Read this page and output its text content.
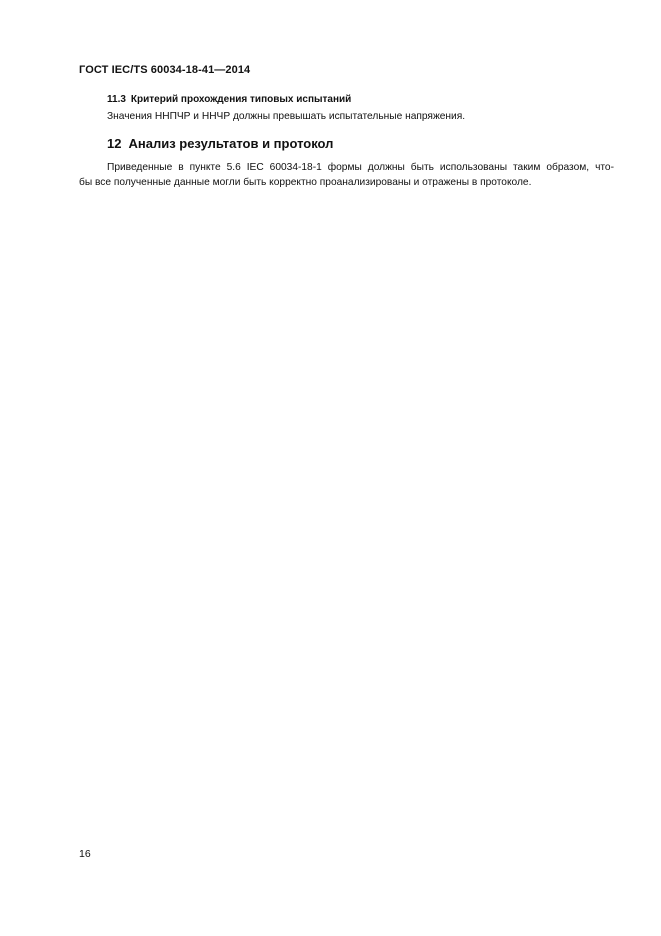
ГОСТ IEC/TS 60034-18-41—2014
11.3 Критерий прохождения типовых испытаний
Значения ННПЧР и ННЧР должны превышать испытательные напряжения.
12 Анализ результатов и протокол
Приведенные в пункте 5.6 IEC 60034-18-1 формы должны быть использованы таким образом, что-
бы все полученные данные могли быть корректно проанализированы и отражены в протоколе.
16
